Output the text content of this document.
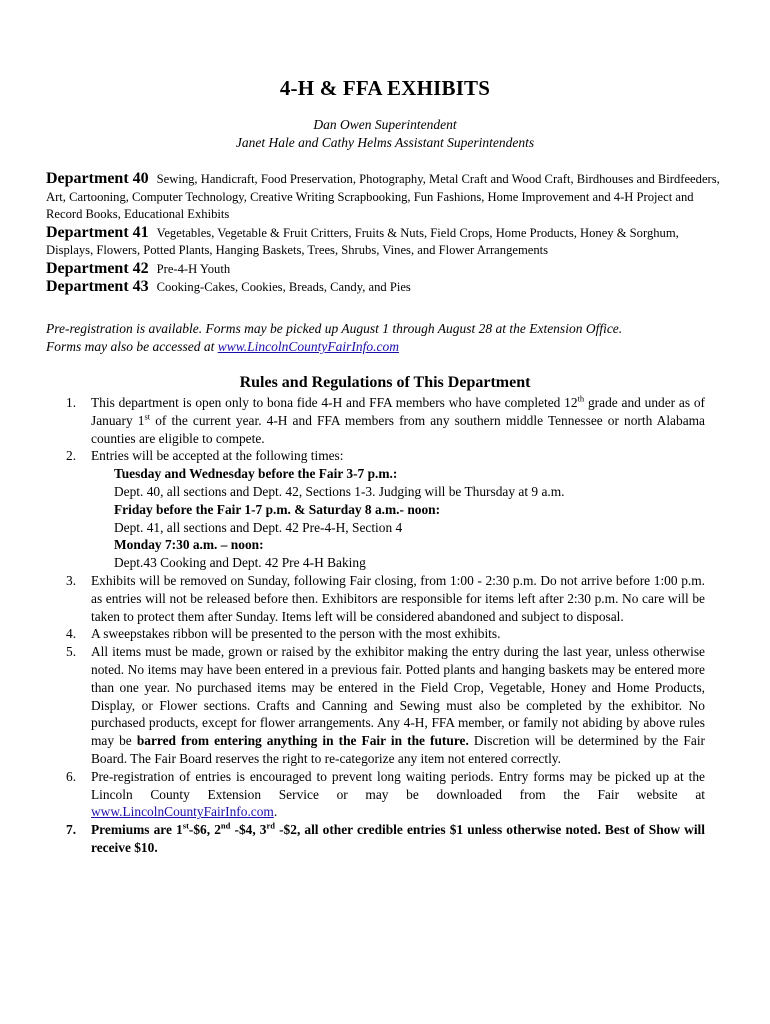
4-H & FFA EXHIBITS
Dan Owen Superintendent
Janet Hale and Cathy Helms Assistant Superintendents

Department 40 Sewing, Handicraft, Food Preservation, Photography, Metal Craft and Wood Craft, Birdhouses and Birdfeeders, Art, Cartooning, Computer Technology, Creative Writing Scrapbooking, Fun Fashions, Home Improvement and 4-H Project and Record Books, Educational Exhibits

Department 41 Vegetables, Vegetable & Fruit Critters, Fruits & Nuts, Field Crops, Home Products, Honey & Sorghum, Displays, Flowers, Potted Plants, Hanging Baskets, Trees, Shrubs, Vines, and Flower Arrangements

Department 42 Pre-4-H Youth

Department 43 Cooking-Cakes, Cookies, Breads, Candy, and Pies

Pre-registration is available. Forms may be picked up August 1 through August 28 at the Extension Office.
Forms may also be accessed at www.LincolnCountyFairInfo.com
Rules and Regulations of This Department
1. This department is open only to bona fide 4-H and FFA members who have completed 12th grade and under as of January 1st of the current year. 4-H and FFA members from any southern middle Tennessee or north Alabama counties are eligible to compete.
2. Entries will be accepted at the following times:
Tuesday and Wednesday before the Fair 3-7 p.m.:
Dept. 40, all sections and Dept. 42, Sections 1-3. Judging will be Thursday at 9 a.m.
Friday before the Fair 1-7 p.m. & Saturday 8 a.m.- noon:
Dept. 41, all sections and Dept. 42 Pre-4-H, Section 4
Monday 7:30 a.m. – noon:
Dept.43 Cooking and Dept. 42 Pre 4-H Baking
3. Exhibits will be removed on Sunday, following Fair closing, from 1:00 - 2:30 p.m. Do not arrive before 1:00 p.m. as entries will not be released before then. Exhibitors are responsible for items left after 2:30 p.m. No care will be taken to protect them after Sunday. Items left will be considered abandoned and subject to disposal.
4. A sweepstakes ribbon will be presented to the person with the most exhibits.
5. All items must be made, grown or raised by the exhibitor making the entry during the last year, unless otherwise noted. No items may have been entered in a previous fair. Potted plants and hanging baskets may be entered more than one year. No purchased items may be entered in the Field Crop, Vegetable, Honey and Home Products, Display, or Flower sections. Crafts and Canning and Sewing must also be completed by the exhibitor. No purchased products, except for flower arrangements. Any 4-H, FFA member, or family not abiding by above rules may be barred from entering anything in the Fair in the future. Discretion will be determined by the Fair Board. The Fair Board reserves the right to re-categorize any item not entered correctly.
6. Pre-registration of entries is encouraged to prevent long waiting periods. Entry forms may be picked up at the Lincoln County Extension Service or may be downloaded from the Fair website at www.LincolnCountyFairInfo.com.
7. Premiums are 1st-$6, 2nd -$4, 3rd -$2, all other credible entries $1 unless otherwise noted. Best of Show will receive $10.
